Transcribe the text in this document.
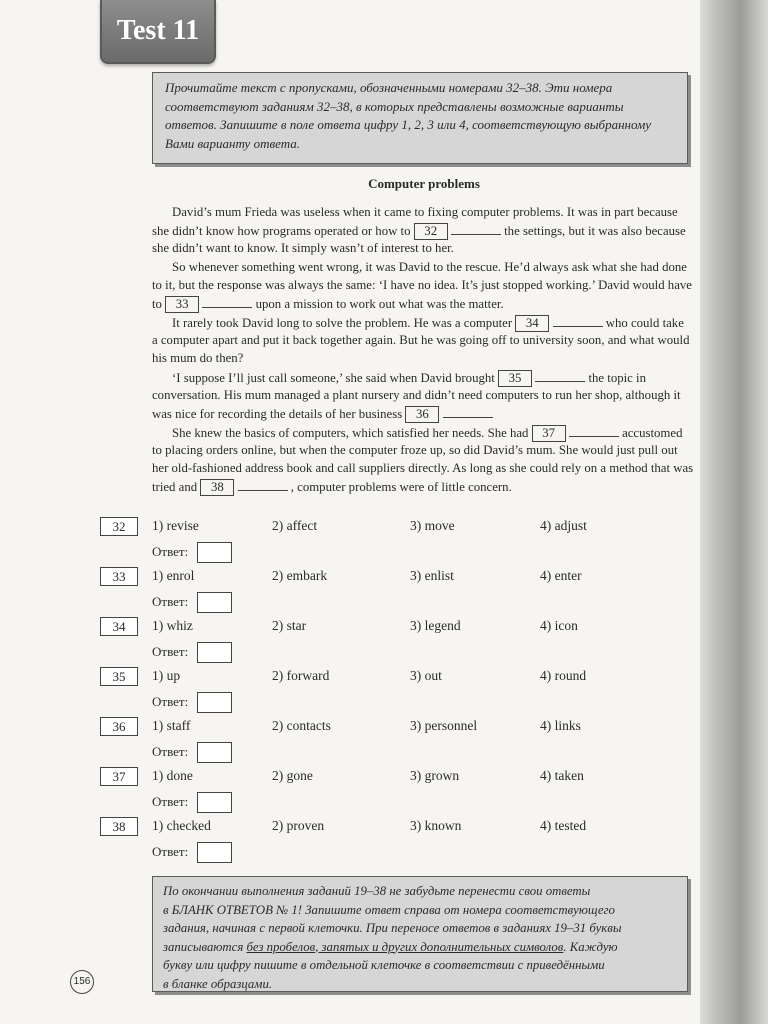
Test 11
Прочитайте текст с пропусками, обозначенными номерами 32–38. Эти номера соответствуют заданиям 32–38, в которых представлены возможные варианты ответов. Запишите в поле ответа цифру 1, 2, 3 или 4, соответствующую выбранному Вами варианту ответа.
Computer problems
David’s mum Frieda was useless when it came to fixing computer problems. It was in part because
she didn’t know how programs operated or how to 32	the settings, but it was also because
she didn’t want to know. It simply wasn’t of interest to her.
So whenever something went wrong, it was David to the rescue. He’d always ask what she had done
to it, but the response was always the same: ‘I have no idea. It’s just stopped working.’ David would have
to 33	upon a mission to work out what was the matter.
It rarely took David long to solve the problem. He was a computer 34	who could take
a computer apart and put it back together again. But he was going off to university soon, and what would
his mum do then?
‘I suppose I’ll just call someone,’ she said when David brought 35	the topic in
conversation. His mum managed a plant nursery and didn’t need computers to run her shop, although it
was nice for recording the details of her business 36
She knew the basics of computers, which satisfied her needs. She had 37	accustomed
to placing orders online, but when the computer froze up, so did David’s mum. She would just pull out
her old-fashioned address book and call suppliers directly. As long as she could rely on a method that was
tried and 38	, computer problems were of little concern.
32	1) revise	2) affect	3) move	4) adjust
Ответ:
33	1) enrol	2) embark	3) enlist	4) enter
Ответ:
34	1) whiz	2) star	3) legend	4) icon
Ответ:
35	1) up	2) forward	3) out	4) round
Ответ:
36	1) staff	2) contacts	3) personnel	4) links
Ответ:
37	1) done	2) gone	3) grown	4) taken
Ответ:
38	1) checked	2) proven	3) known	4) tested
Ответ:
По окончании выполнения заданий 19–38 не забудьте перенести свои ответы
в БЛАНК ОТВЕТОВ № 1! Запишите ответ справа от номера соответствующего
задания, начиная с первой клеточки. При переносе ответов в заданиях 19–31 буквы
записываются без пробелов, запятых и других дополнительных символов. Каждую
букву или цифру пишите в отдельной клеточке в соответствии с приведёнными
в бланке образцами.
156
